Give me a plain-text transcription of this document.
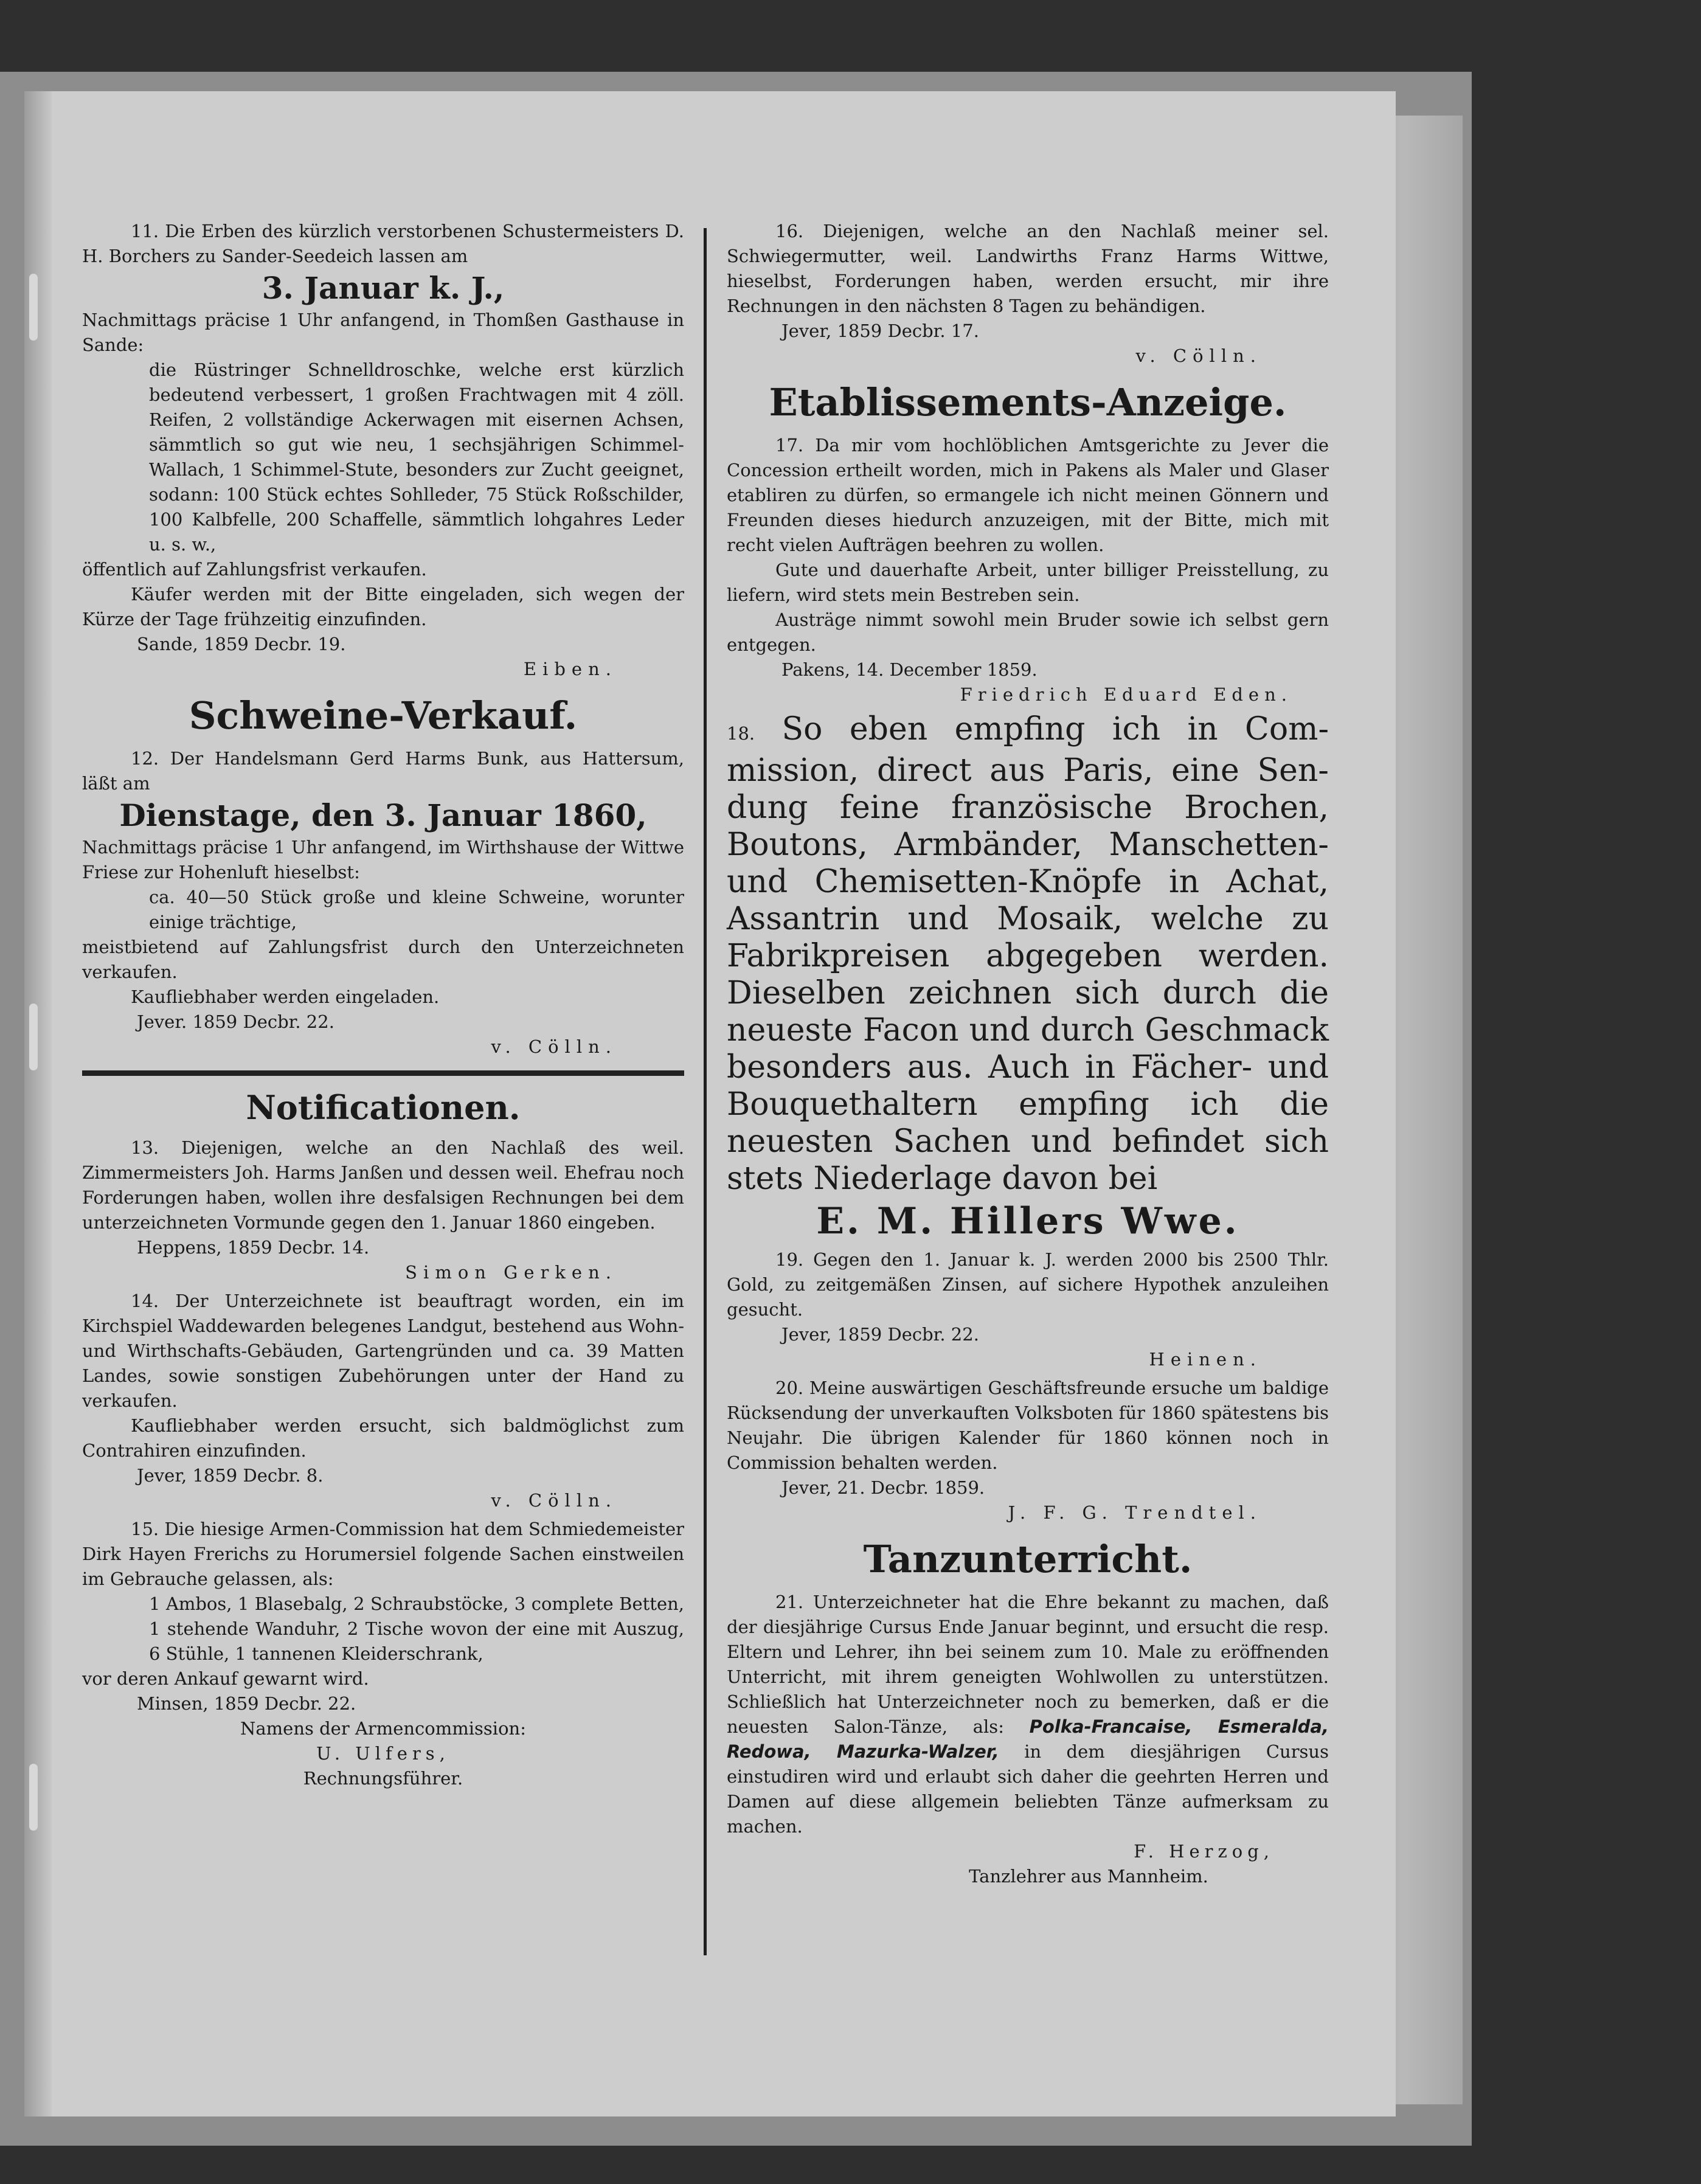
11. Die Erben des kürzlich verstorbenen Schustermeisters D. H. Borchers zu Sander-Seedeich lassen am

3. Januar k. J.,

Nachmittags präcise 1 Uhr anfangend, in Thomßen Gasthause in Sande:

die Rüstringer Schnelldroschke, welche erst kürzlich bedeutend verbessert, 1 großen Frachtwagen mit 4 zöll. Reifen, 2 vollständige Ackerwagen mit eisernen Achsen, sämmtlich so gut wie neu, 1 sechsjährigen Schimmel-Wallach, 1 Schimmel-Stute, besonders zur Zucht geeignet, sodann: 100 Stück echtes Sohlleder, 75 Stück Roßschilder, 100 Kalbfelle, 200 Schaffelle, sämmtlich lohgahres Leder u. s. w.,

öffentlich auf Zahlungsfrist verkaufen.

Käufer werden mit der Bitte eingeladen, sich wegen der Kürze der Tage frühzeitig einzufinden.

Sande, 1859 Decbr. 19.

Eiben.

Schweine-Verkauf.

12. Der Handelsmann Gerd Harms Bunk, aus Hattersum, läßt am

Dienstage, den 3. Januar 1860,

Nachmittags präcise 1 Uhr anfangend, im Wirthshause der Wittwe Friese zur Hohenluft hieselbst:

ca. 40—50 Stück große und kleine Schweine, worunter einige trächtige,

meistbietend auf Zahlungsfrist durch den Unterzeichneten verkaufen.

Kaufliebhaber werden eingeladen.

Jever. 1859 Decbr. 22.

v. Cölln.

Notificationen.

13. Diejenigen, welche an den Nachlaß des weil. Zimmermeisters Joh. Harms Janßen und dessen weil. Ehefrau noch Forderungen haben, wollen ihre desfalsigen Rechnungen bei dem unterzeichneten Vormunde gegen den 1. Januar 1860 eingeben.

Heppens, 1859 Decbr. 14.

Simon Gerken.

14. Der Unterzeichnete ist beauftragt worden, ein im Kirchspiel Waddewarden belegenes Landgut, bestehend aus Wohn- und Wirthschafts-Gebäuden, Gartengründen und ca. 39 Matten Landes, sowie sonstigen Zubehörungen unter der Hand zu verkaufen.

Kaufliebhaber werden ersucht, sich baldmöglichst zum Contrahiren einzufinden.

Jever, 1859 Decbr. 8.

v. Cölln.

15. Die hiesige Armen-Commission hat dem Schmiedemeister Dirk Hayen Frerichs zu Horumersiel folgende Sachen einstweilen im Gebrauche gelassen, als:

1 Ambos, 1 Blasebalg, 2 Schraubstöcke, 3 complete Betten, 1 stehende Wanduhr, 2 Tische wovon der eine mit Auszug, 6 Stühle, 1 tannenen Kleiderschrank,

vor deren Ankauf gewarnt wird.

Minsen, 1859 Decbr. 22.

Namens der Armencommission:

U. Ulfers,

Rechnungsführer.

16. Diejenigen, welche an den Nachlaß meiner sel. Schwiegermutter, weil. Landwirths Franz Harms Wittwe, hieselbst, Forderungen haben, werden ersucht, mir ihre Rechnungen in den nächsten 8 Tagen zu behändigen.

Jever, 1859 Decbr. 17.

v. Cölln.

Etablissements-Anzeige.

17. Da mir vom hochlöblichen Amtsgerichte zu Jever die Concession ertheilt worden, mich in Pakens als Maler und Glaser etabliren zu dürfen, so ermangele ich nicht meinen Gönnern und Freunden dieses hiedurch anzuzeigen, mit der Bitte, mich mit recht vielen Aufträgen beehren zu wollen.

Gute und dauerhafte Arbeit, unter billiger Preisstellung, zu liefern, wird stets mein Bestreben sein.

Austräge nimmt sowohl mein Bruder sowie ich selbst gern entgegen.

Pakens, 14. December 1859.

Friedrich Eduard Eden.

18. So eben empfing ich in Commission, direct aus Paris, eine Sendung feine französische Brochen, Boutons, Armbänder, Manschetten- und Chemisetten-Knöpfe in Achat, Assantrin und Mosaik, welche zu Fabrikpreisen abgegeben werden. Dieselben zeichnen sich durch die neueste Facon und durch Geschmack besonders aus. Auch in Fächer- und Bouquethaltern empfing ich die neuesten Sachen und befindet sich stets Niederlage davon bei

E. M. Hillers Wwe.

19. Gegen den 1. Januar k. J. werden 2000 bis 2500 Thlr. Gold, zu zeitgemäßen Zinsen, auf sichere Hypothek anzuleihen gesucht.

Jever, 1859 Decbr. 22.

Heinen.

20. Meine auswärtigen Geschäftsfreunde ersuche um baldige Rücksendung der unverkauften Volksboten für 1860 spätestens bis Neujahr. Die übrigen Kalender für 1860 können noch in Commission behalten werden.

Jever, 21. Decbr. 1859.

J. F. G. Trendtel.

Tanzunterricht.

21. Unterzeichneter hat die Ehre bekannt zu machen, daß der diesjährige Cursus Ende Januar beginnt, und ersucht die resp. Eltern und Lehrer, ihn bei seinem zum 10. Male zu eröffnenden Unterricht, mit ihrem geneigten Wohlwollen zu unterstützen. Schließlich hat Unterzeichneter noch zu bemerken, daß er die neuesten Salon-Tänze, als: Polka-Francaise, Esmeralda, Redowa, Mazurka-Walzer, in dem diesjährigen Cursus einstudiren wird und erlaubt sich daher die geehrten Herren und Damen auf diese allgemein beliebten Tänze aufmerksam zu machen.

F. Herzog,

Tanzlehrer aus Mannheim.
